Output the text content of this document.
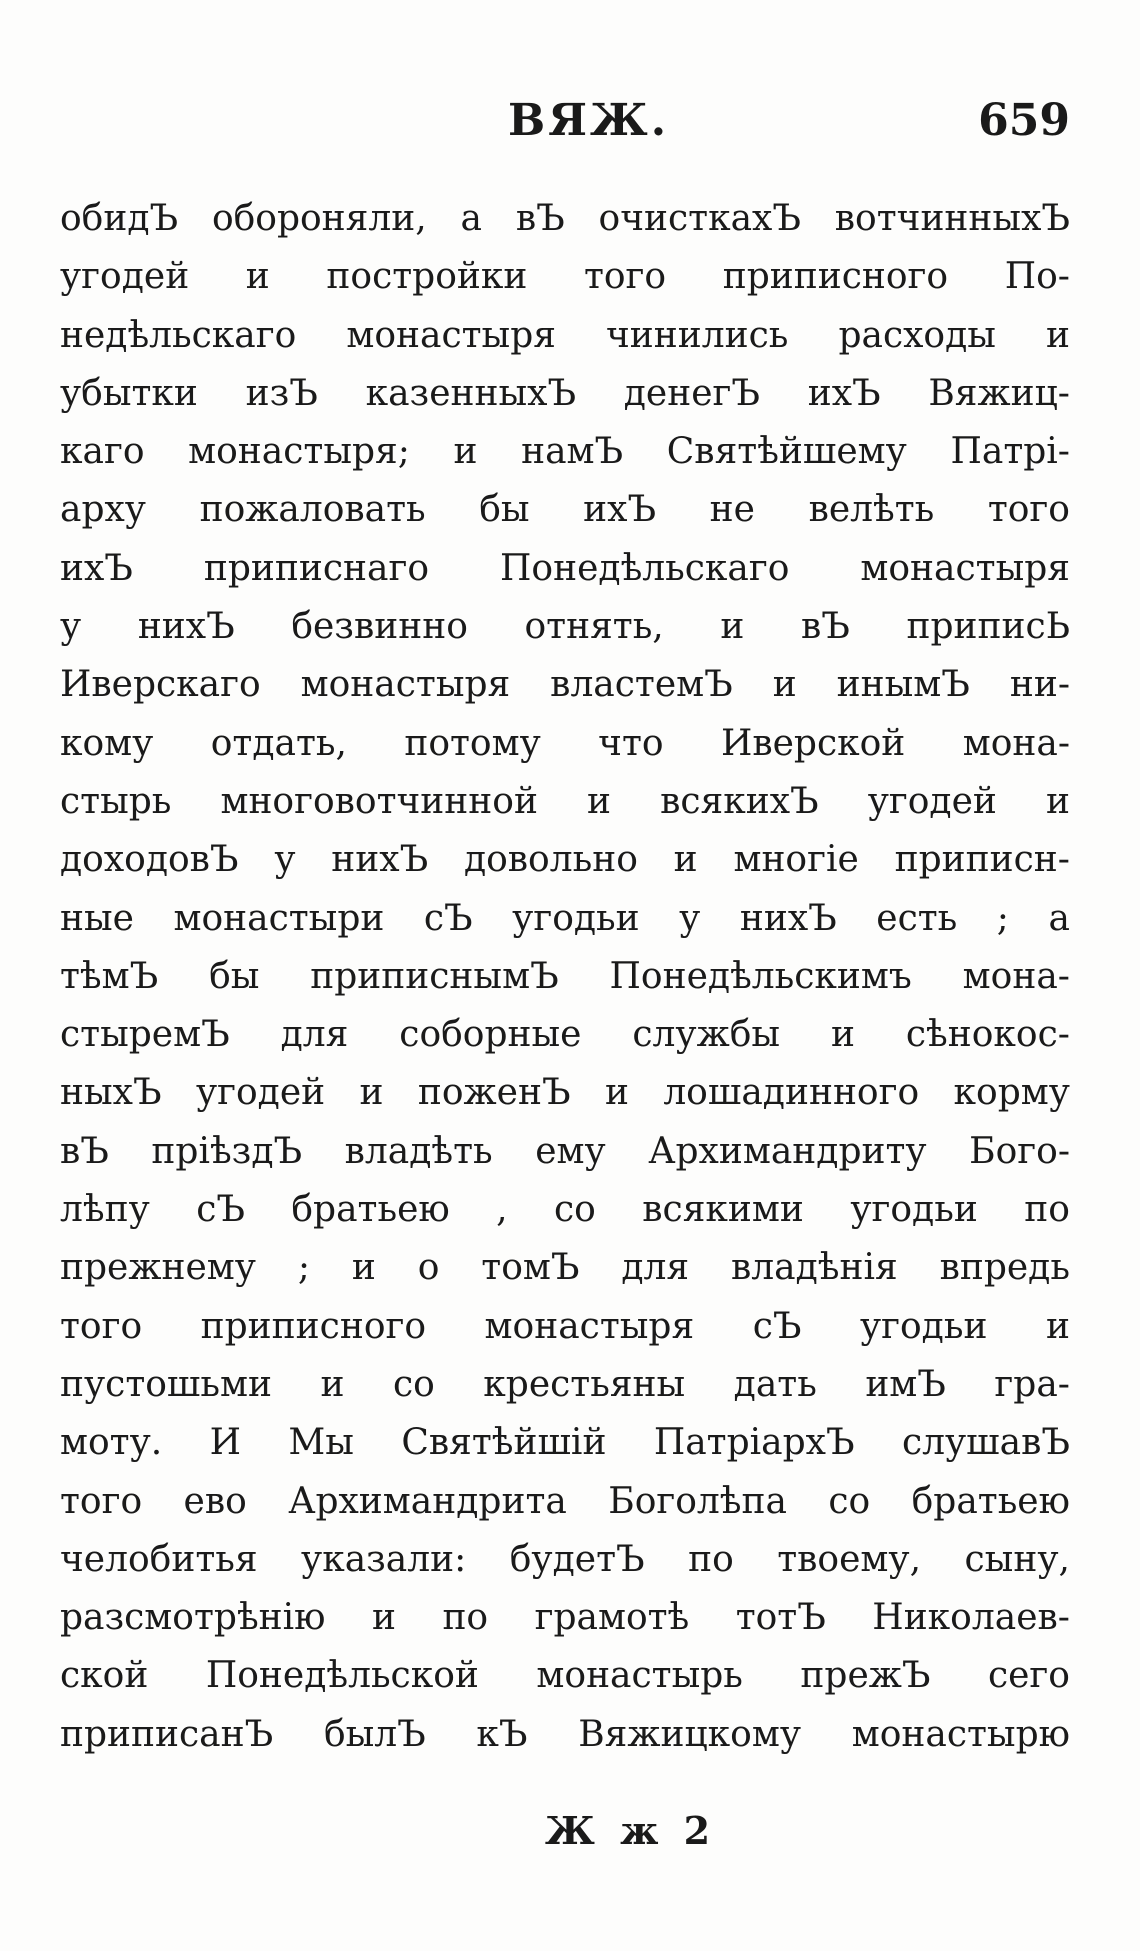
ВЯЖ.	659
обидЪ обороняли, а вЪ очисткахЪ вотчинныхЪ
угодей и постройки того приписного По-
недѣльскаго монастыря чинились расходы и
убытки изЪ казенныхЪ денегЪ ихЪ Вяжиц-
каго монастыря; и намЪ Святѣйшему Патрі-
арху пожаловать бы ихЪ не велѣть того
ихЪ приписнаго Понедѣльскаго монастыря
у нихЪ безвинно отнять, и вЪ приписЬ
Иверскаго монастыря властемЪ и инымЪ ни-
кому отдать, потому что Иверской мона-
стырь многовотчинной и всякихЪ угодей и
доходовЪ у нихЪ довольно и многіе приписн-
ные монастыри сЪ угодьи у нихЪ есть ; а
тѣмЪ бы приписнымЪ Понедѣльскимъ мона-
стыремЪ для соборные службы и сѣнокос-
ныхЪ угодей и поженЪ и лошадинного корму
вЪ пріѣздЪ владѣть ему Архимандриту Бого-
лѣпу сЪ братьею , со всякими угодьи по
прежнему ; и о томЪ для владѣнія впредь
того приписного монастыря сЪ угодьи и
пустошьми и со крестьяны дать имЪ гра-
моту. И Мы Святѣйшій ПатріархЪ слушавЪ
того ево Архимандрита Боголѣпа со братьею
челобитья указали: будетЪ по твоему, сыну,
разсмотрѣнію и по грамотѣ тотЪ Николаев-
ской Понедѣльской монастырь прежЪ сего
приписанЪ былЪ кЪ Вяжицкому монастырю
Ж ж 2
